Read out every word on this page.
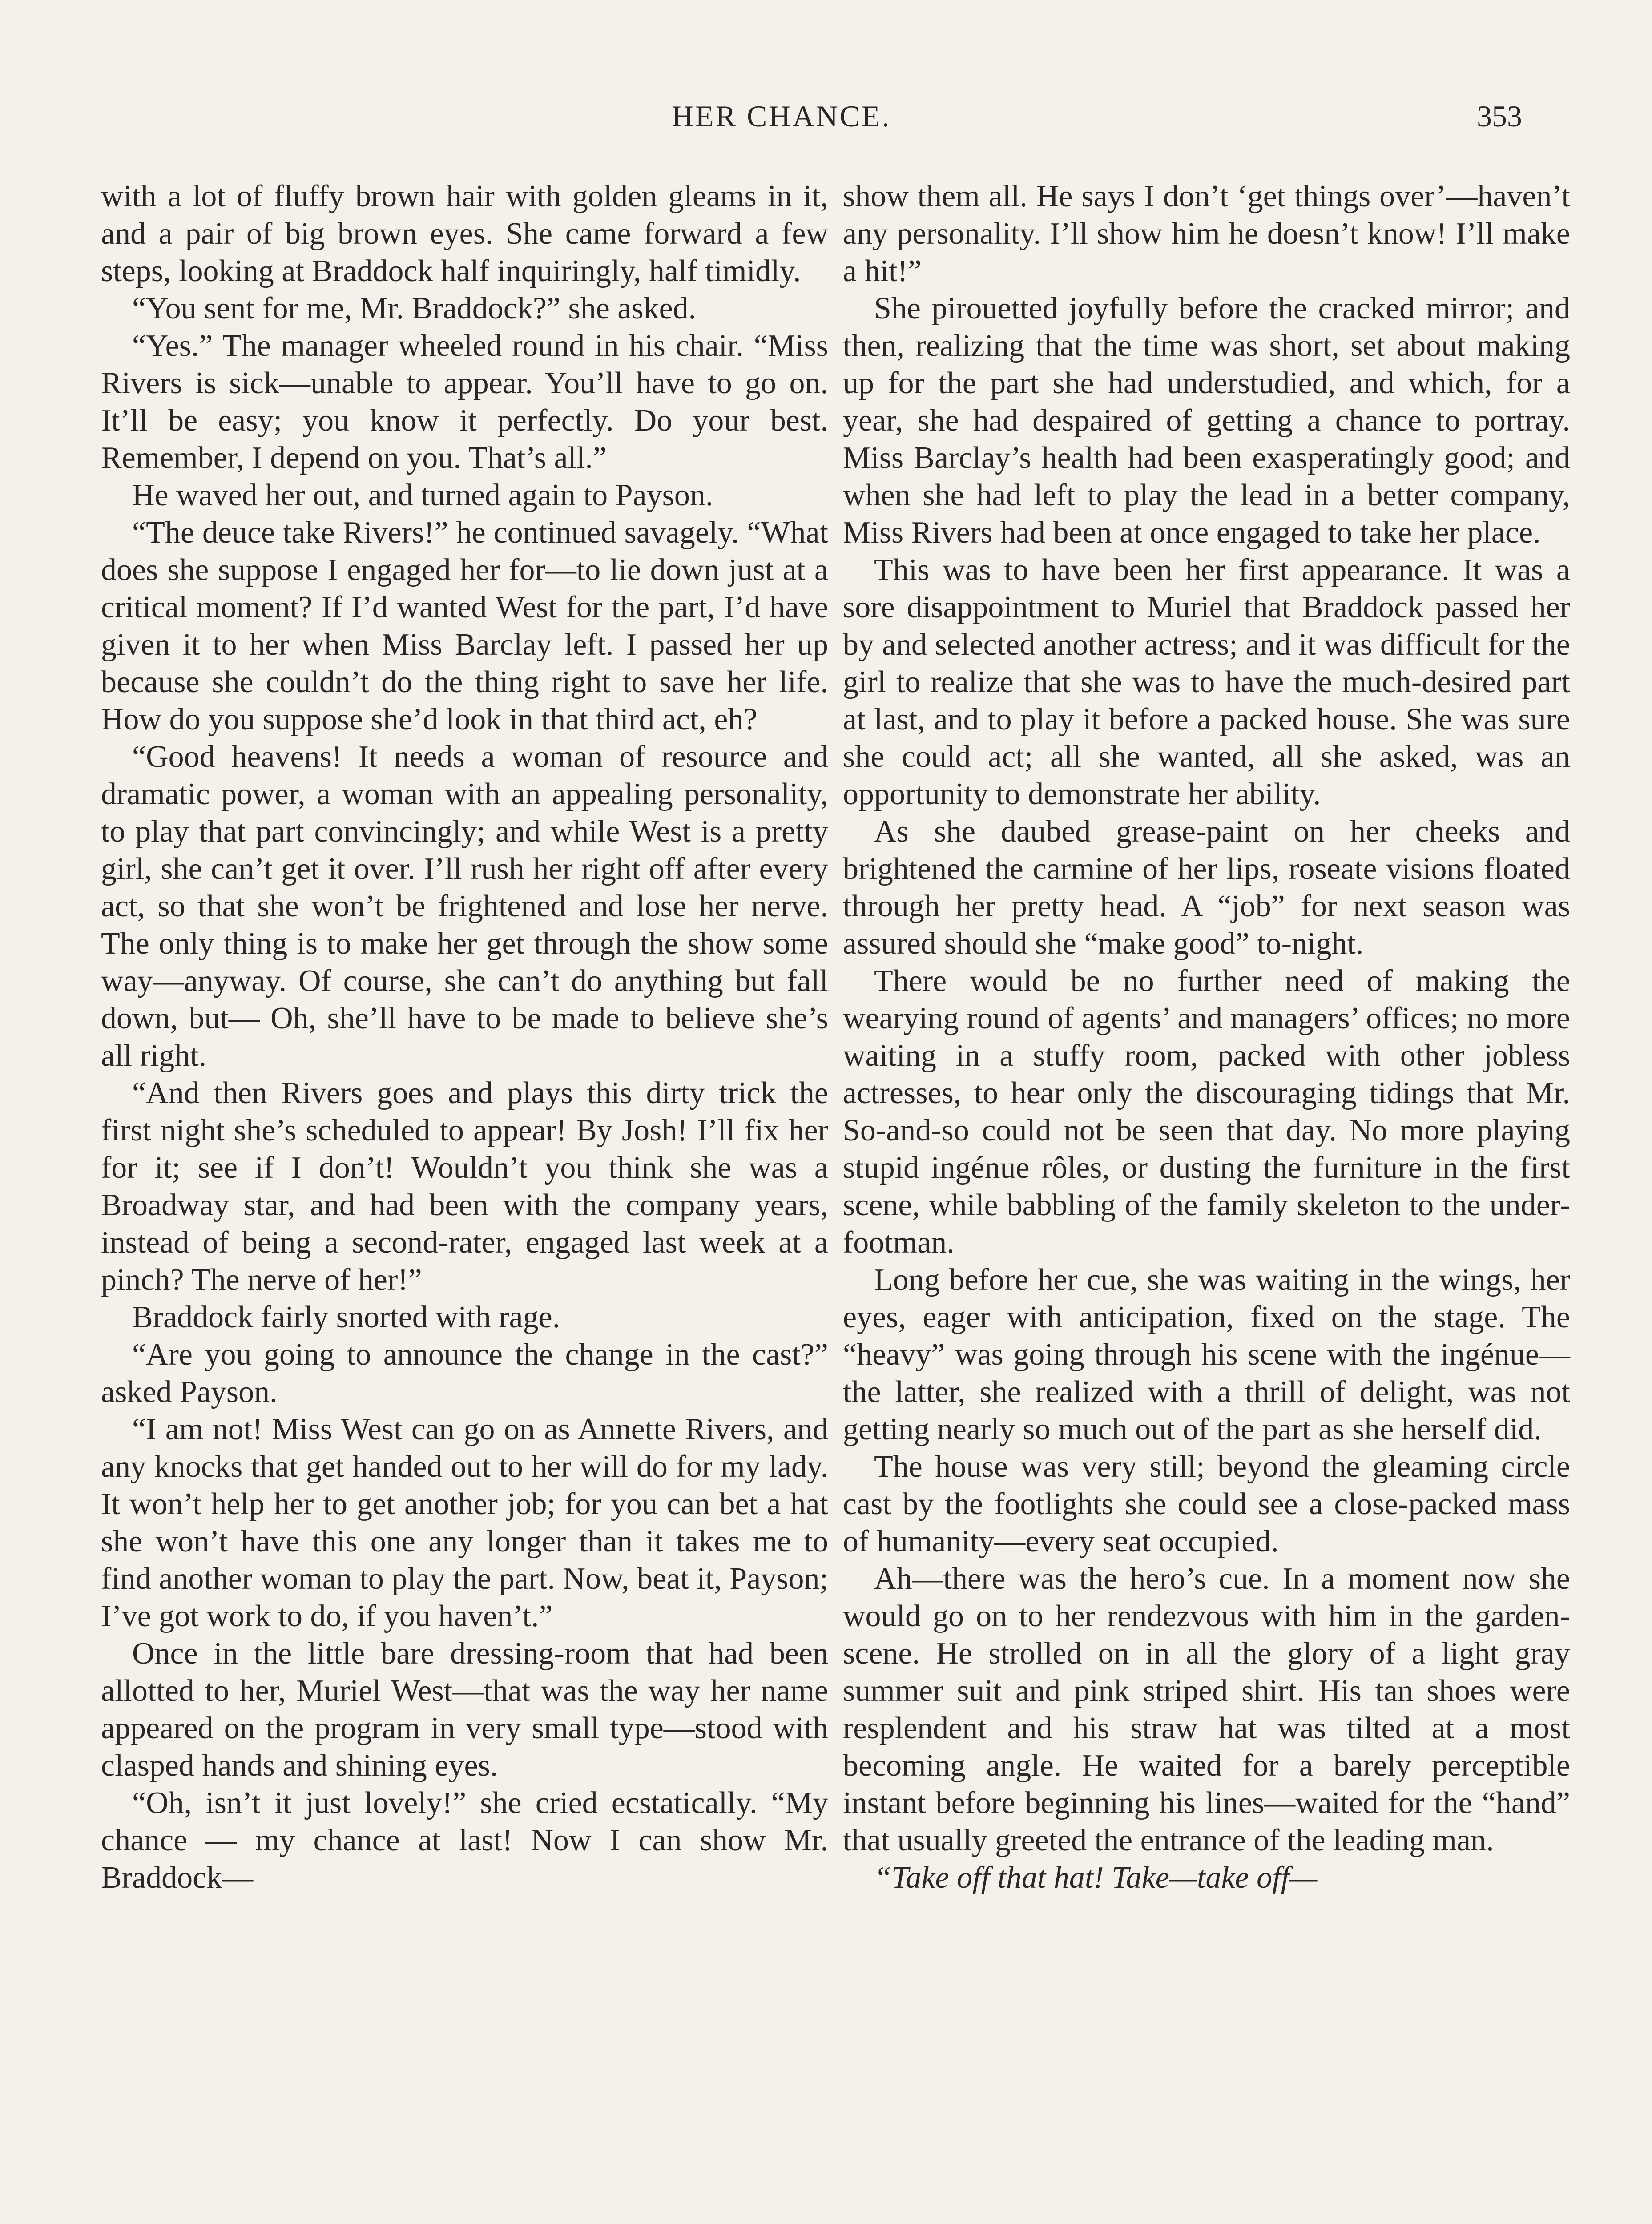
HER CHANCE.	353

with a lot of fluffy brown hair with golden gleams in it, and a pair of big brown eyes. She came forward a few steps, looking at Braddock half inquiringly, half timidly.

“You sent for me, Mr. Braddock?” she asked.

“Yes.” The manager wheeled round in his chair. “Miss Rivers is sick—unable to appear. You’ll have to go on. It’ll be easy; you know it perfectly. Do your best. Remember, I depend on you. That’s all.”

He waved her out, and turned again to Payson.

“The deuce take Rivers!” he continued savagely. “What does she suppose I engaged her for—to lie down just at a critical moment? If I’d wanted West for the part, I’d have given it to her when Miss Barclay left. I passed her up because she couldn’t do the thing right to save her life. How do you suppose she’d look in that third act, eh?

“Good heavens! It needs a woman of resource and dramatic power, a woman with an appealing personality, to play that part convincingly; and while West is a pretty girl, she can’t get it over. I’ll rush her right off after every act, so that she won’t be frightened and lose her nerve. The only thing is to make her get through the show some way—anyway. Of course, she can’t do anything but fall down, but— Oh, she’ll have to be made to believe she’s all right.

“And then Rivers goes and plays this dirty trick the first night she’s scheduled to appear! By Josh! I’ll fix her for it; see if I don’t! Wouldn’t you think she was a Broadway star, and had been with the company years, instead of being a second-rater, engaged last week at a pinch? The nerve of her!”

Braddock fairly snorted with rage.

“Are you going to announce the change in the cast?” asked Payson.

“I am not! Miss West can go on as Annette Rivers, and any knocks that get handed out to her will do for my lady. It won’t help her to get another job; for you can bet a hat she won’t have this one any longer than it takes me to find another woman to play the part. Now, beat it, Payson; I’ve got work to do, if you haven’t.”

Once in the little bare dressing-room that had been allotted to her, Muriel West—that was the way her name appeared on the program in very small type—stood with clasped hands and shining eyes.

“Oh, isn’t it just lovely!” she cried ecstatically. “My chance — my chance at last! Now I can show Mr. Braddock—

show them all. He says I don’t ‘get things over’—haven’t any personality. I’ll show him he doesn’t know! I’ll make a hit!”

She pirouetted joyfully before the cracked mirror; and then, realizing that the time was short, set about making up for the part she had understudied, and which, for a year, she had despaired of getting a chance to portray. Miss Barclay’s health had been exasperatingly good; and when she had left to play the lead in a better company, Miss Rivers had been at once engaged to take her place.

This was to have been her first appearance. It was a sore disappointment to Muriel that Braddock passed her by and selected another actress; and it was difficult for the girl to realize that she was to have the much-desired part at last, and to play it before a packed house. She was sure she could act; all she wanted, all she asked, was an opportunity to demonstrate her ability.

As she daubed grease-paint on her cheeks and brightened the carmine of her lips, roseate visions floated through her pretty head. A “job” for next season was assured should she “make good” to-night.

There would be no further need of making the wearying round of agents’ and managers’ offices; no more waiting in a stuffy room, packed with other jobless actresses, to hear only the discouraging tidings that Mr. So-and-so could not be seen that day. No more playing stupid ingénue rôles, or dusting the furniture in the first scene, while babbling of the family skeleton to the under-footman.

Long before her cue, she was waiting in the wings, her eyes, eager with anticipation, fixed on the stage. The “heavy” was going through his scene with the ingénue—the latter, she realized with a thrill of delight, was not getting nearly so much out of the part as she herself did.

The house was very still; beyond the gleaming circle cast by the footlights she could see a close-packed mass of humanity—every seat occupied.

Ah—there was the hero’s cue. In a moment now she would go on to her rendezvous with him in the garden-scene. He strolled on in all the glory of a light gray summer suit and pink striped shirt. His tan shoes were resplendent and his straw hat was tilted at a most becoming angle. He waited for a barely perceptible instant before beginning his lines—waited for the “hand” that usually greeted the entrance of the leading man.

“Take off that hat! Take—take off—
